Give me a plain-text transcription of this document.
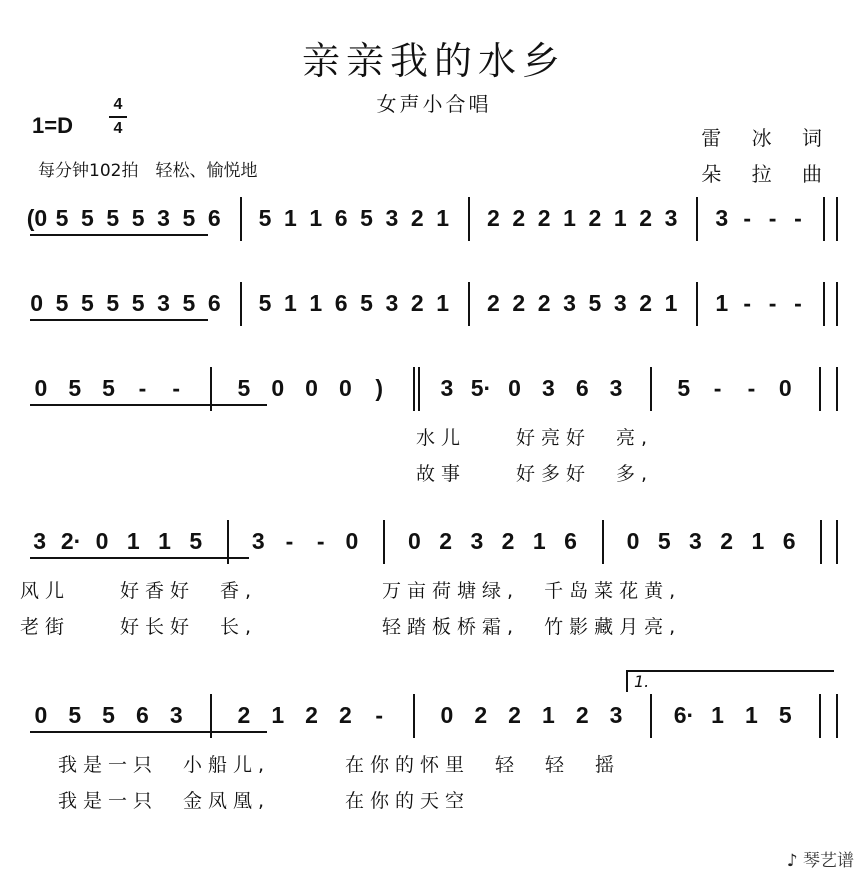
亲亲我的水乡
女声小合唱
1=D
4
4
每分钟102拍　轻松、愉悦地
雷 冰 词
朵 拉 曲
(0 5 5 5 5 3 5 6 5 1 1 6 5 3 2 1 2 2 2 1 2 1 2 3 3 - - -
0 5 5 5 5 3 5 6 5 1 1 6 5 3 2 1 2 2 2 3 5 3 2 1 1 - - -
0 5 5 - - 5 0 0 0 ) 3 5· 0 3 6 3 5 - - 0
水儿　　好亮好　亮,
故事　　好多好　多,
3 2· 0 1 1 5 3 - - 0 0 2 3 2 1 6 0 5 3 2 1 6
风儿　　好香好　香,　　　　　万亩荷塘绿,　千岛菜花黄,
老街　　好长好　长,　　　　　轻踏板桥霜,　竹影藏月亮,
0 5 5 6 3 2 1 2 2 - 0 2 2 1 2 3 6· 1 1 5
1.
我是一只　小船儿,　　　在你的怀里　轻　轻　摇
我是一只　金凤凰,　　　在你的天空
♪ 琴艺谱
